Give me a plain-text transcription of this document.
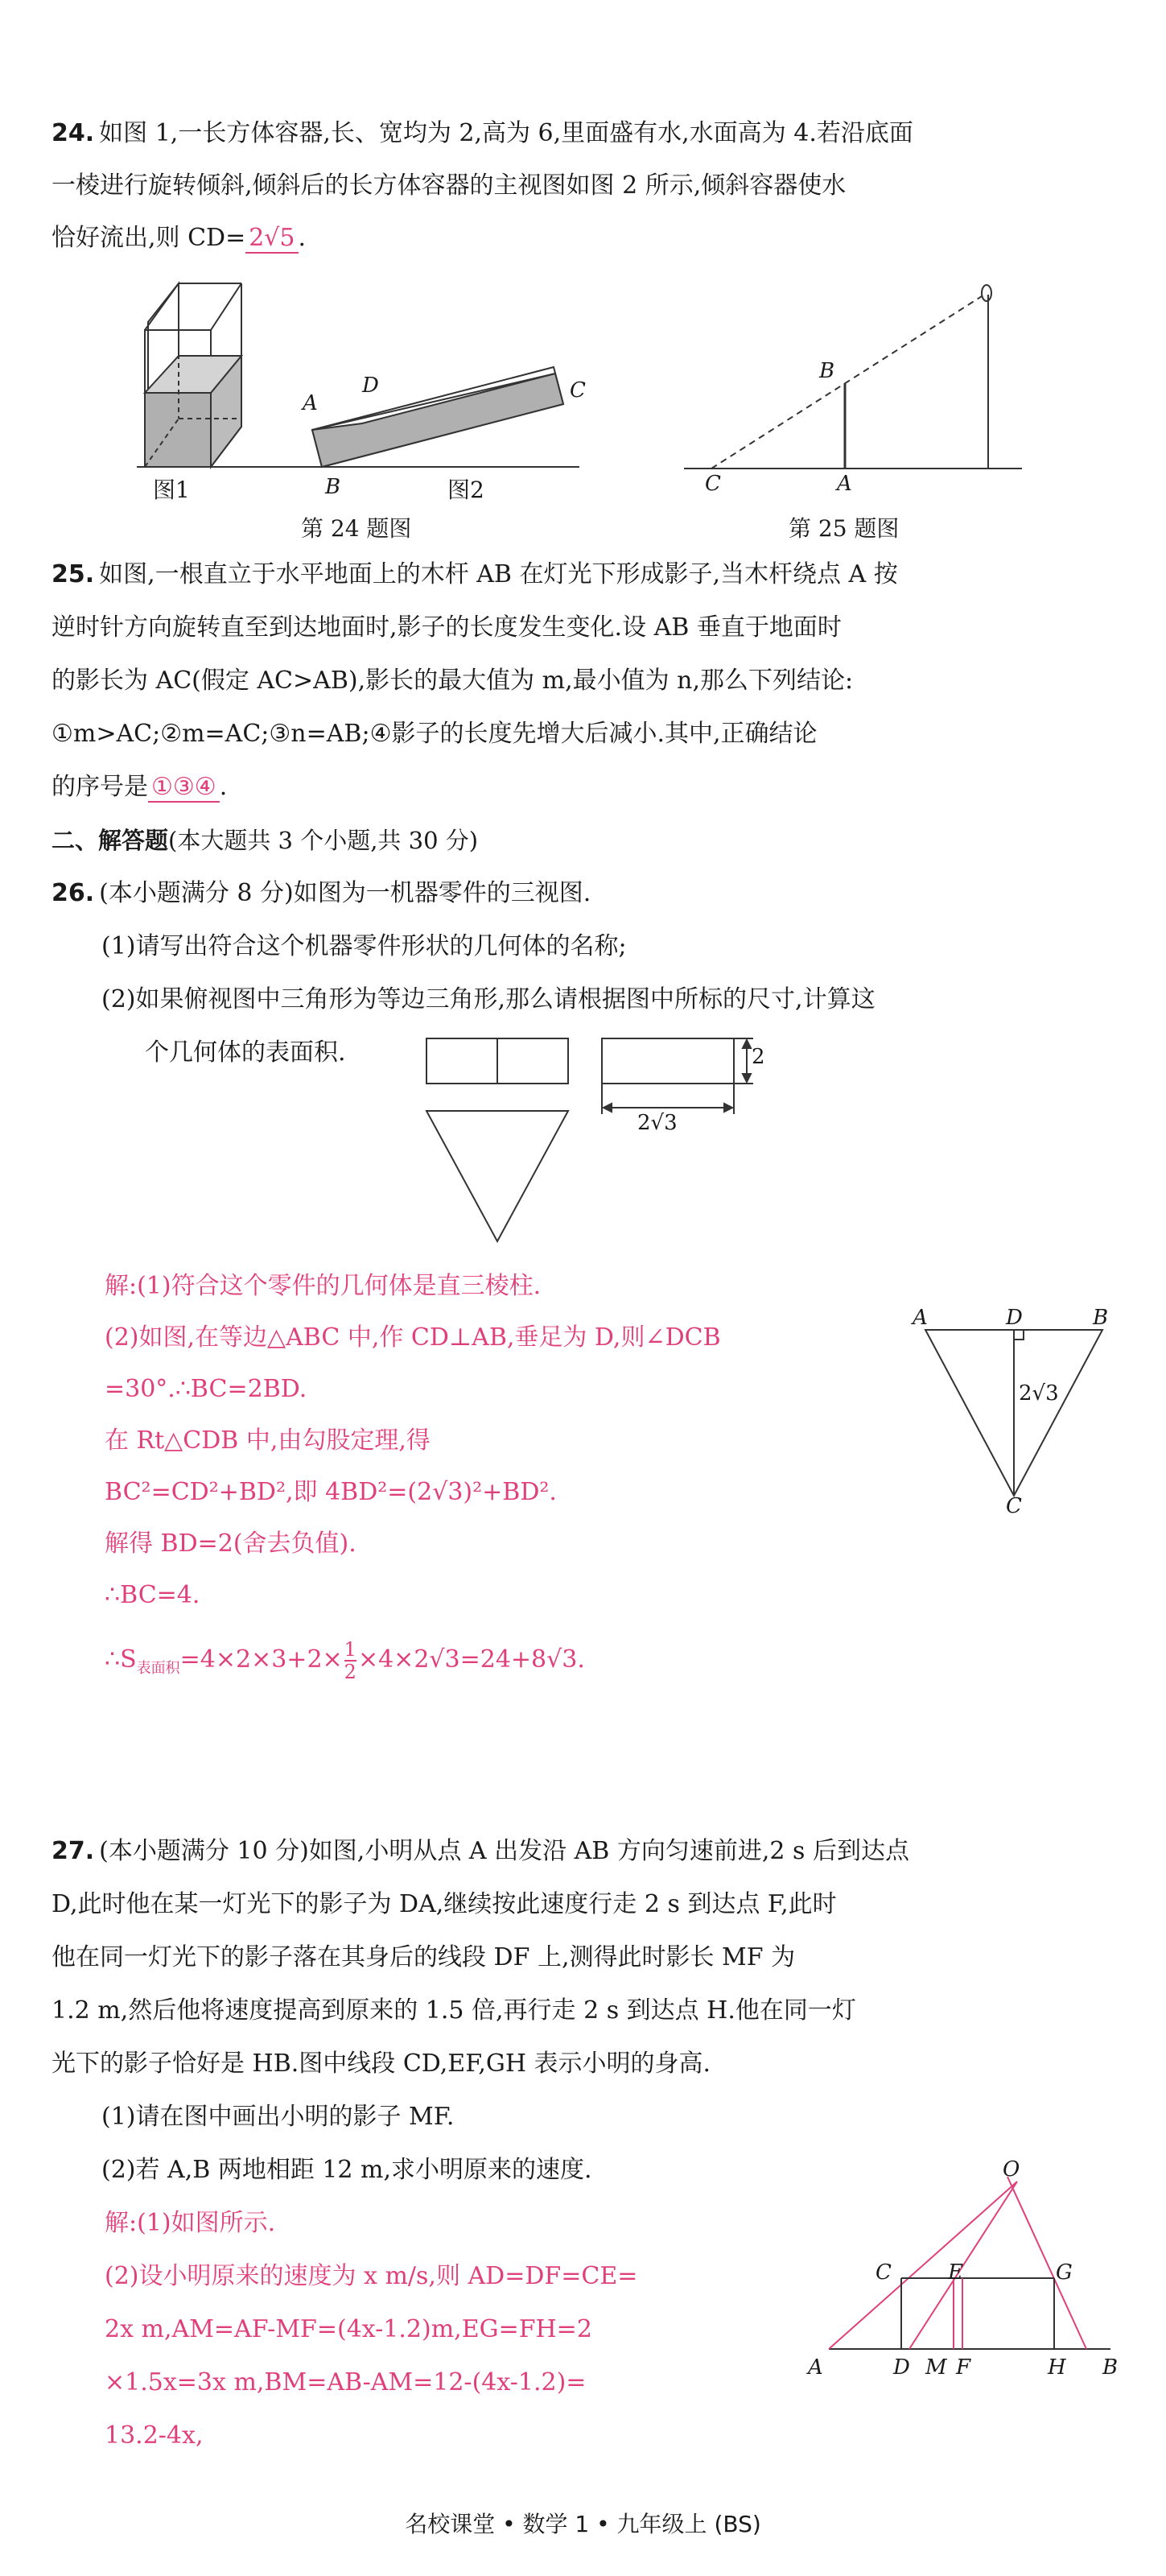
24. 如图 1,一长方体容器,长、宽均为 2,高为 6,里面盛有水,水面高为 4.若沿底面
一棱进行旋转倾斜,倾斜后的长方体容器的主视图如图 2 所示,倾斜容器使水
恰好流出,则 CD= 2√5 .
A
D	C
B
图1	图2
第 24 题图
B
C	A
第 25 题图
25. 如图,一根直立于水平地面上的木杆 AB 在灯光下形成影子,当木杆绕点 A 按
逆时针方向旋转直至到达地面时,影子的长度发生变化.设 AB 垂直于地面时
的影长为 AC(假定 AC>AB),影长的最大值为 m,最小值为 n,那么下列结论:
①m>AC;②m=AC;③n=AB;④影子的长度先增大后减小.其中,正确结论
的序号是 ①③④ .
二、解答题(本大题共 3 个小题,共 30 分)
26. (本小题满分 8 分)如图为一机器零件的三视图.
(1)请写出符合这个机器零件形状的几何体的名称;
(2)如果俯视图中三角形为等边三角形,那么请根据图中所标的尺寸,计算这
个几何体的表面积.	2
2√3
解:(1)符合这个零件的几何体是直三棱柱.
(2)如图,在等边△ABC 中,作 CD⊥AB,垂足为 D,则∠DCB
=30°.∴BC=2BD.
在 Rt△CDB 中,由勾股定理,得
BC²=CD²+BD²,即 4BD²=(2√3)²+BD².
解得 BD=2(舍去负值).
∴BC=4.
$\therefore S_{表面积}=4\times 2\times 3+2\times \frac{1}{2} \times 4\times 2√3=24+8√3$.
A	D	B
C
2√3
27. (本小题满分 10 分)如图,小明从点 A 出发沿 AB 方向匀速前进,2 s 后到达点
D,此时他在某一灯光下的影子为 DA,继续按此速度行走 2 s 到达点 F,此时
他在同一灯光下的影子落在其身后的线段 DF 上,测得此时影长 MF 为
1.2 m,然后他将速度提高到原来的 1.5 倍,再行走 2 s 到达点 H.他在同一灯
光下的影子恰好是 HB.图中线段 CD,EF,GH 表示小明的身高.
(1)请在图中画出小明的影子 MF.
(2)若 A,B 两地相距 12 m,求小明原来的速度.
解:(1)如图所示.
(2)设小明原来的速度为 x m/s,则 AD=DF=CE=
2x m,AM=AF-MF=(4x-1.2)m,EG=FH=2
×1.5x=3x m,BM=AB-AM=12-(4x-1.2)=
13.2-4x,
O
C	E	G
A	D M F	H B
名校课堂 • 数学 1 • 九年级上 (BS)
